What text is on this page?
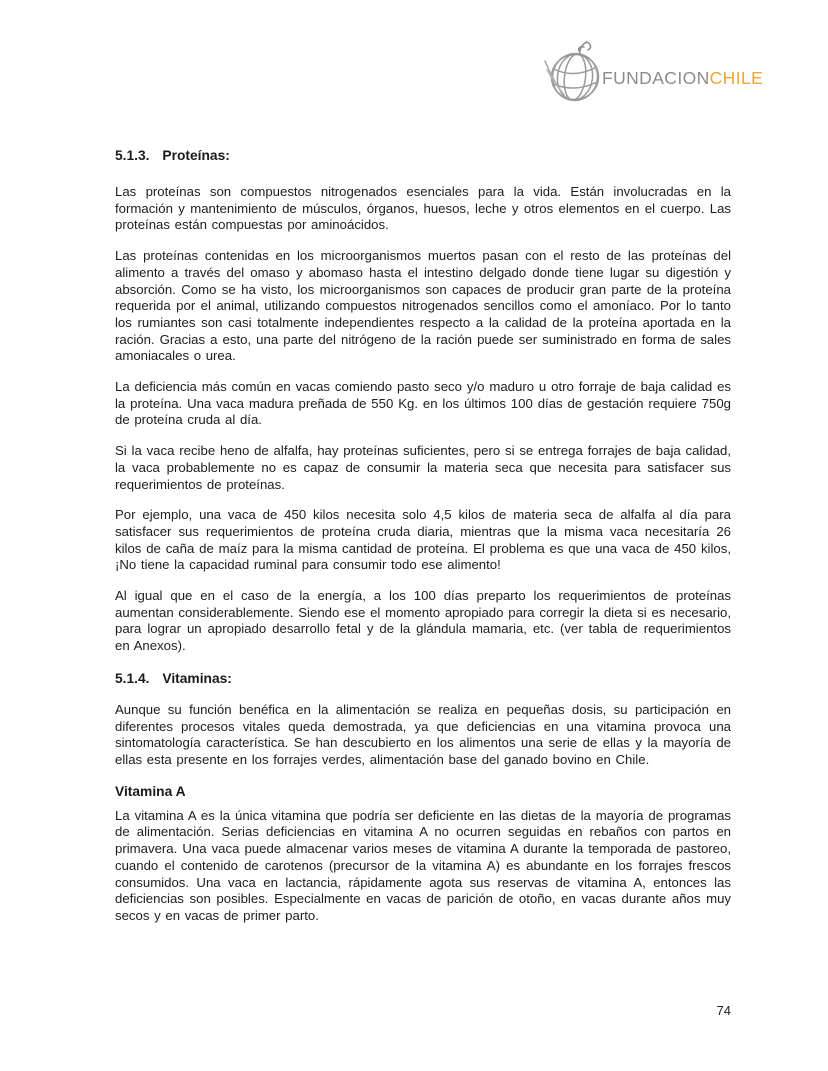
FUNDACIONCHILE
5.1.3. Proteínas:

Las proteínas son compuestos nitrogenados esenciales para la vida. Están involucradas en la formación y mantenimiento de músculos, órganos, huesos, leche y otros elementos en el cuerpo. Las proteínas están compuestas por aminoácidos.

Las proteínas contenidas en los microorganismos muertos pasan con el resto de las proteínas del alimento a través del omaso y abomaso hasta el intestino delgado donde tiene lugar su digestión y absorción. Como se ha visto, los microorganismos son capaces de producir gran parte de la proteína requerida por el animal, utilizando compuestos nitrogenados sencillos como el amoníaco. Por lo tanto los rumiantes son casi totalmente independientes respecto a la calidad de la proteína aportada en la ración. Gracias a esto, una parte del nitrógeno de la ración puede ser suministrado en forma de sales amoniacales o urea.

La deficiencia más común en vacas comiendo pasto seco y/o maduro u otro forraje de baja calidad es la proteína. Una vaca madura preñada de 550 Kg. en los últimos 100 días de gestación requiere 750g de proteína cruda al día.

Si la vaca recibe heno de alfalfa, hay proteínas suficientes, pero si se entrega forrajes de baja calidad, la vaca probablemente no es capaz de consumir la materia seca que necesita para satisfacer sus requerimientos de proteínas.

Por ejemplo, una vaca de 450 kilos necesita solo 4,5 kilos de materia seca de alfalfa al día para satisfacer sus requerimientos de proteína cruda diaria, mientras que la misma vaca necesitaría 26 kilos de caña de maíz para la misma cantidad de proteína. El problema es que una vaca de 450 kilos, ¡No tiene la capacidad ruminal para consumir todo ese alimento!

Al igual que en el caso de la energía, a los 100 días preparto los requerimientos de proteínas aumentan considerablemente. Siendo ese el momento apropiado para corregir la dieta si es necesario, para lograr un apropiado desarrollo fetal y de la glándula mamaria, etc. (ver tabla de requerimientos en Anexos).

5.1.4. Vitaminas:

Aunque su función benéfica en la alimentación se realiza en pequeñas dosis, su participación en diferentes procesos vitales queda demostrada, ya que deficiencias en una vitamina provoca una sintomatología característica. Se han descubierto en los alimentos una serie de ellas y la mayoría de ellas esta presente en los forrajes verdes, alimentación base del ganado bovino en Chile.

Vitamina A

La vitamina A es la única vitamina que podría ser deficiente en las dietas de la mayoría de programas de alimentación. Serias deficiencias en vitamina A no ocurren seguidas en rebaños con partos en primavera. Una vaca puede almacenar varios meses de vitamina A durante la temporada de pastoreo, cuando el contenido de carotenos (precursor de la vitamina A) es abundante en los forrajes frescos consumidos. Una vaca en lactancia, rápidamente agota sus reservas de vitamina A, entonces las deficiencias son posibles. Especialmente en vacas de parición de otoño, en vacas durante años muy secos y en vacas de primer parto.

74
